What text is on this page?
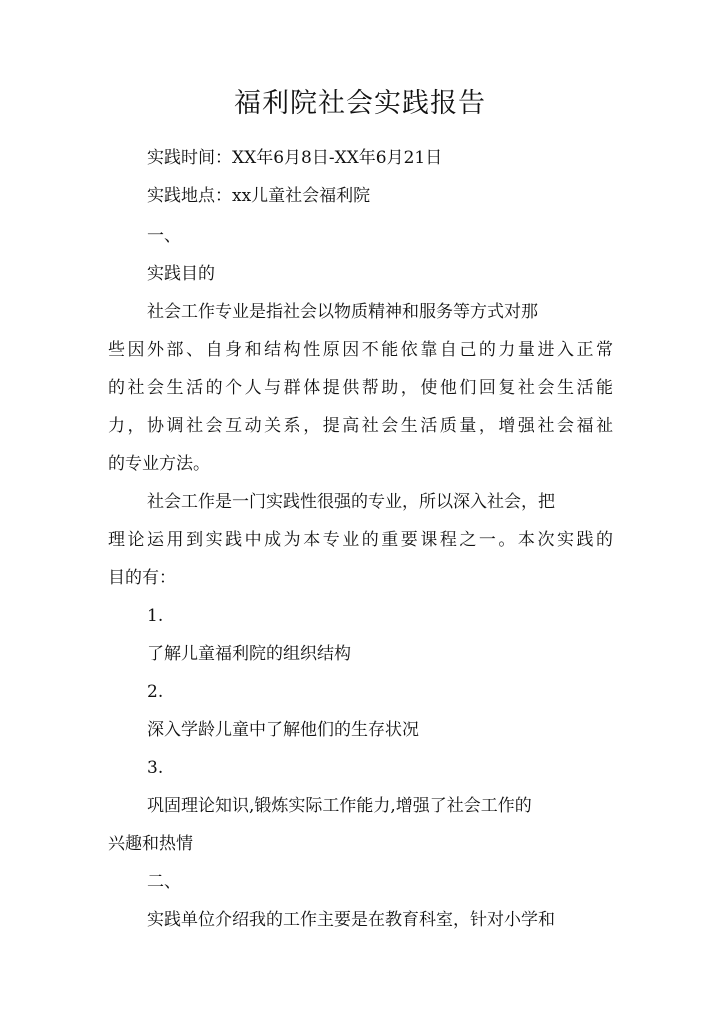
福利院社会实践报告
实践时间：XX年6月8日-XX年6月21日
实践地点：xx儿童社会福利院
一、
实践目的
社会工作专业是指社会以物质精神和服务等方式对那
些因外部、自身和结构性原因不能依靠自己的力量进入正常
的社会生活的个人与群体提供帮助，使他们回复社会生活能
力，协调社会互动关系，提高社会生活质量，增强社会福祉
的专业方法。
社会工作是一门实践性很强的专业，所以深入社会，把
理论运用到实践中成为本专业的重要课程之一。本次实践的
目的有：
1.
了解儿童福利院的组织结构
2.
深入学龄儿童中了解他们的生存状况
3.
巩固理论知识,锻炼实际工作能力,增强了社会工作的
兴趣和热情
二、
实践单位介绍我的工作主要是在教育科室，针对小学和
